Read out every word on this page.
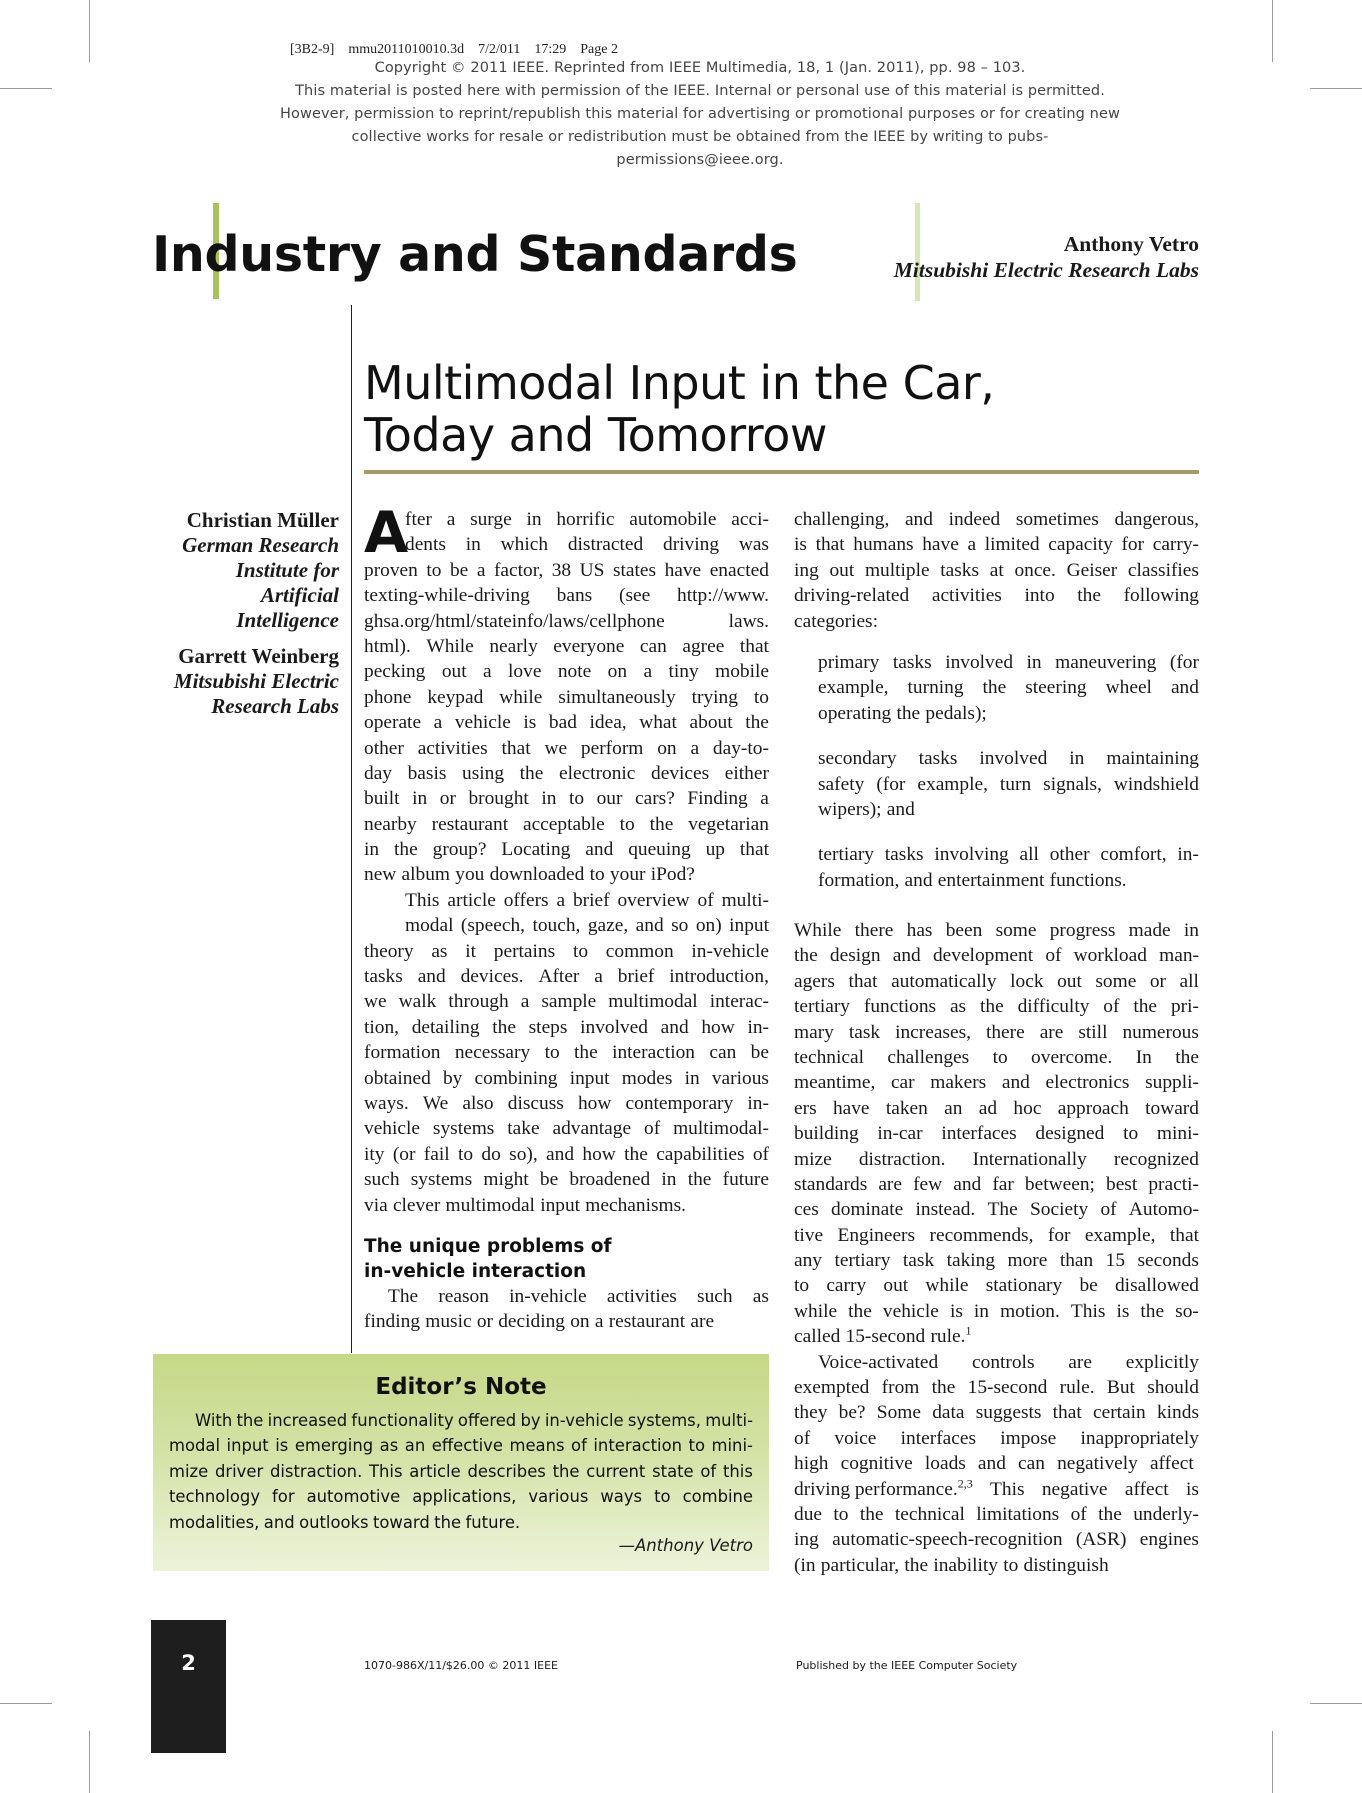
[3B2-9]    mmu2011010010.3d    7/2/011    17:29    Page 2
Copyright © 2011 IEEE. Reprinted from IEEE Multimedia, 18, 1 (Jan. 2011), pp. 98 – 103.
This material is posted here with permission of the IEEE. Internal or personal use of this material is permitted.
However, permission to reprint/republish this material for advertising or promotional purposes or for creating new
collective works for resale or redistribution must be obtained from the IEEE by writing to pubs-
permissions@ieee.org.
Industry and Standards	Anthony Vetro
Mitsubishi Electric Research Labs
Multimodal Input in the Car,
Today and Tomorrow
Christian Müller
German Research
Institute for
Artificial
Intelligence
Garrett Weinberg
Mitsubishi Electric
Research Labs
A
fter a surge in horrific automobile acci-
dents in which distracted driving was
proven to be a factor, 38 US states have enacted
texting-while-driving bans (see http://www.
ghsa.org/html/stateinfo/laws/cellphone	laws.
html). While nearly everyone can agree that
pecking out a love note on a tiny mobile
phone keypad while simultaneously trying to
operate a vehicle is bad idea, what about the
other activities that we perform on a day-to-
day basis using the electronic devices either
built in or brought in to our cars? Finding a
nearby restaurant acceptable to the vegetarian
in the group? Locating and queuing up that
new album you downloaded to your iPod?
This article offers a brief overview of multi-
modal (speech, touch, gaze, and so on) input
theory as it pertains to common in-vehicle
tasks and devices. After a brief introduction,
we walk through a sample multimodal interac-
tion, detailing the steps involved and how in-
formation necessary to the interaction can be
obtained by combining input modes in various
ways. We also discuss how contemporary in-
vehicle systems take advantage of multimodal-
ity (or fail to do so), and how the capabilities of
such systems might be broadened in the future
via clever multimodal input mechanisms.
The unique problems of
in-vehicle interaction
The reason in-vehicle activities such as
finding music or deciding on a restaurant are
challenging, and indeed sometimes dangerous,
is that humans have a limited capacity for carry-
ing out multiple tasks at once. Geiser classifies
driving-related activities into the following
categories:
primary tasks involved in maneuvering (for
example, turning the steering wheel and
operating the pedals);
secondary tasks involved in maintaining
safety (for example, turn signals, windshield
wipers); and
tertiary tasks involving all other comfort, in-
formation, and entertainment functions.
While there has been some progress made in
the design and development of workload man-
agers that automatically lock out some or all
tertiary functions as the difficulty of the pri-
mary task increases, there are still numerous
technical challenges to overcome. In the
meantime, car makers and electronics suppli-
ers have taken an ad hoc approach toward
building in-car interfaces designed to mini-
mize distraction. Internationally recognized
standards are few and far between; best practi-
ces dominate instead. The Society of Automo-
tive Engineers recommends, for example, that
any tertiary task taking more than 15 seconds
to carry out while stationary be disallowed
while the vehicle is in motion. This is the so-
called 15-second rule.$^1$
Voice-activated controls are explicitly
exempted from the 15-second rule. But should
they be? Some data suggests that certain kinds
of voice interfaces impose inappropriately
high cognitive loads and can negatively affect
driving performance.$^{2,3}$ This negative affect is
due to the technical limitations of the underly-
ing automatic-speech-recognition (ASR) engines
(in particular, the inability to distinguish
Editor’s Note
With the increased functionality offered by in-vehicle systems, multi-
modal input is emerging as an effective means of interaction to mini-
mize driver distraction. This article describes the current state of this
technology for automotive applications, various ways to combine
modalities, and outlooks toward the future.
—Anthony Vetro
2	1070-986X/11/$26.00 © 2011 IEEE	Published by the IEEE Computer Society
